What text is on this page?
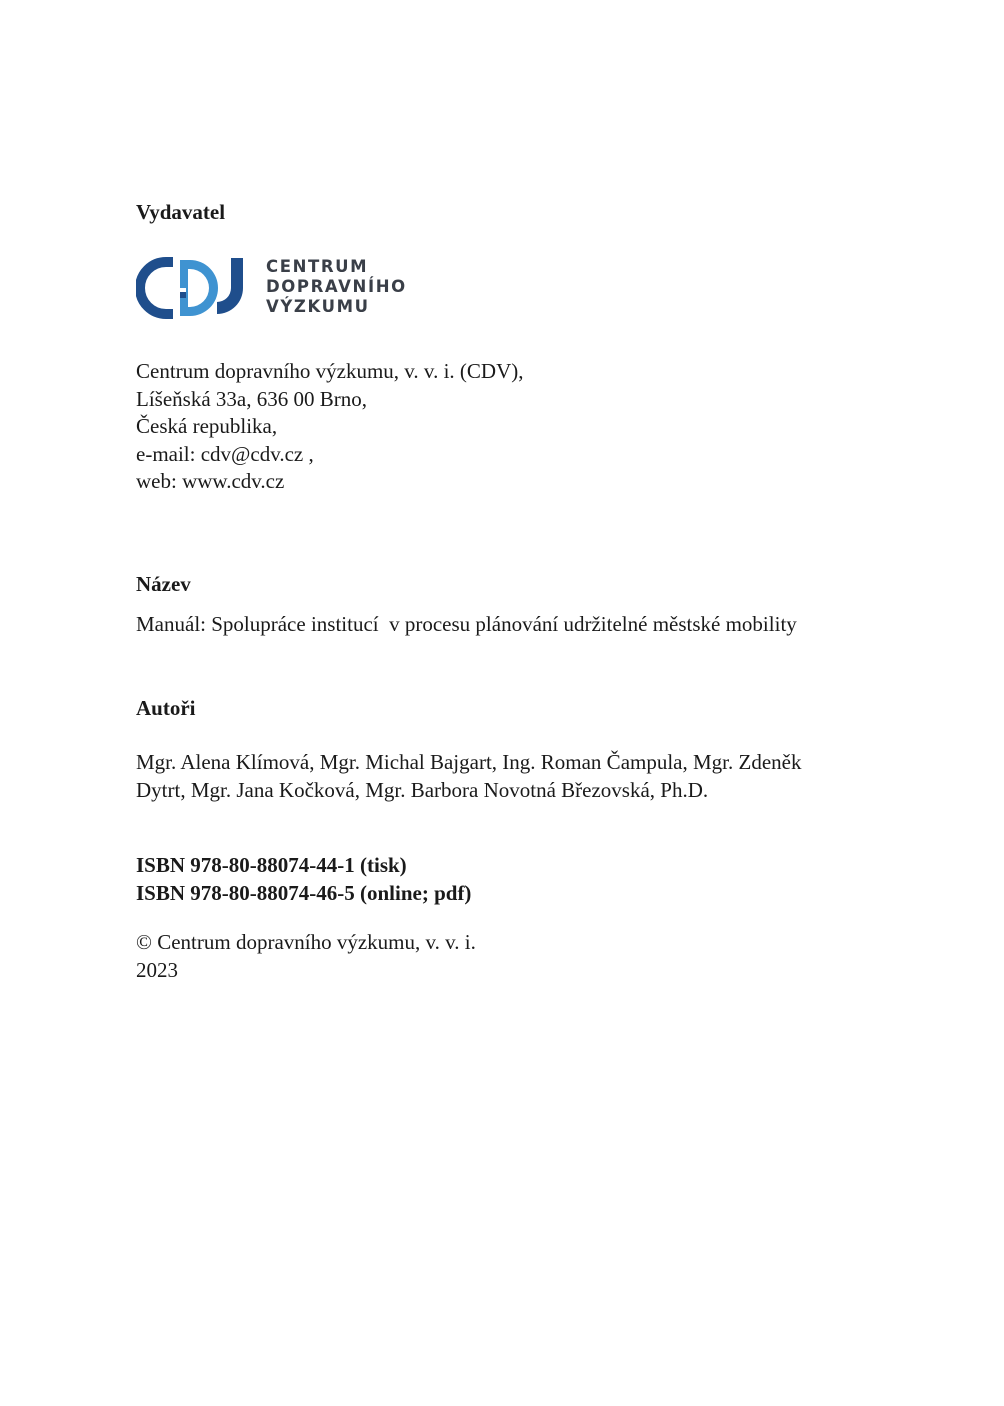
Vydavatel

CENTRUM
DOPRAVNÍHO
VÝZKUMU
Centrum dopravního výzkumu, v. v. i. (CDV),
Líšeňská 33a, 636 00 Brno,
Česká republika,
e-mail: cdv@cdv.cz ,
web: www.cdv.cz

Název

Manuál: Spolupráce institucí  v procesu plánování udržitelné městské mobility

Autoři

Mgr. Alena Klímová, Mgr. Michal Bajgart, Ing. Roman Čampula, Mgr. Zdeněk
Dytrt, Mgr. Jana Kočková, Mgr. Barbora Novotná Březovská, Ph.D.

ISBN 978-80-88074-44-1 (tisk)

ISBN 978-80-88074-46-5 (online; pdf)

© Centrum dopravního výzkumu, v. v. i.
2023
